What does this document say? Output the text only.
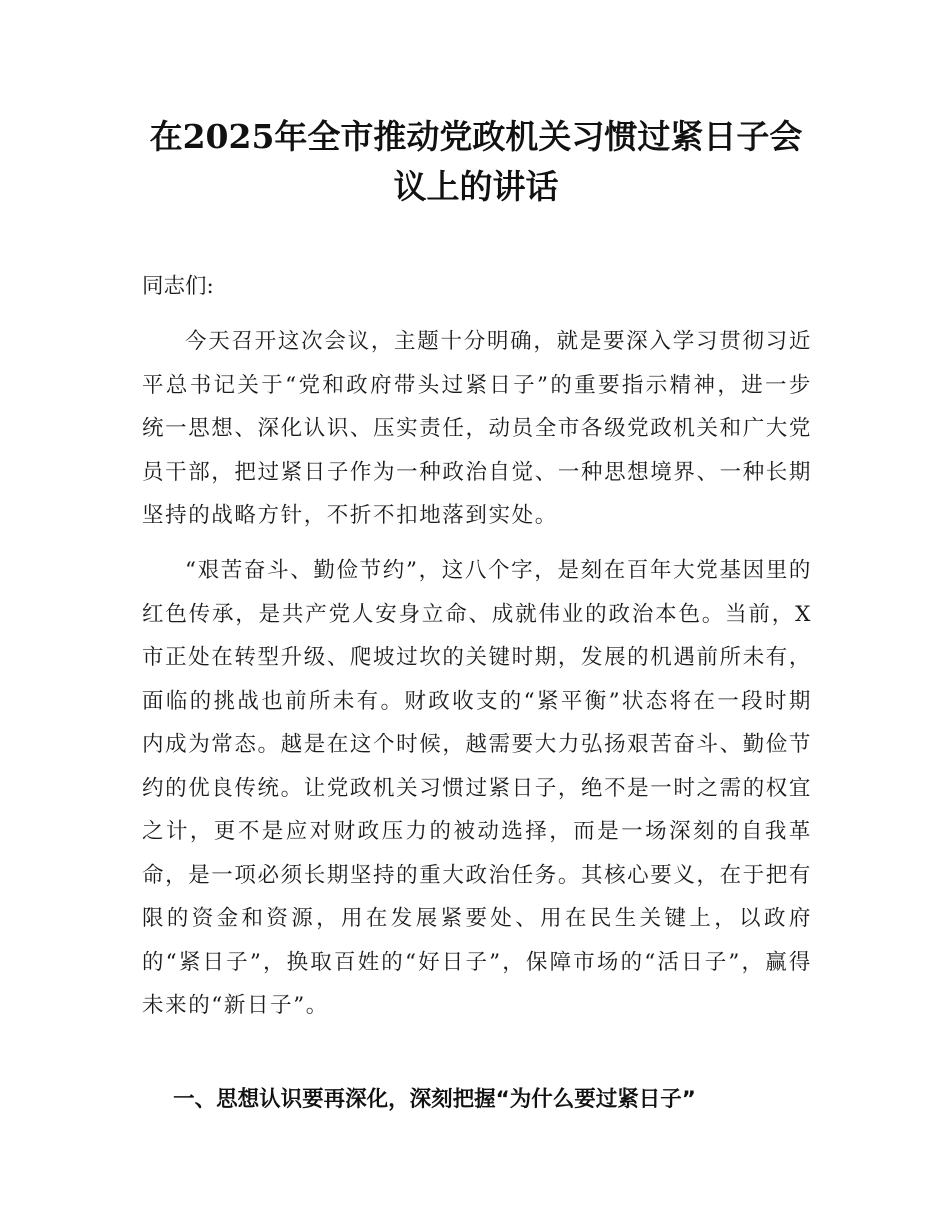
在2025年全市推动党政机关习惯过紧日子会
议上的讲话

同志们:

今天召开这次会议，主题十分明确，就是要深入学习贯彻习近平总书记关于“党和政府带头过紧日子”的重要指示精神，进一步统一思想、深化认识、压实责任，动员全市各级党政机关和广大党员干部，把过紧日子作为一种政治自觉、一种思想境界、一种长期坚持的战略方针，不折不扣地落到实处。

“艰苦奋斗、勤俭节约”，这八个字，是刻在百年大党基因里的红色传承，是共产党人安身立命、成就伟业的政治本色。当前，X市正处在转型升级、爬坡过坎的关键时期，发展的机遇前所未有，面临的挑战也前所未有。财政收支的“紧平衡”状态将在一段时期内成为常态。越是在这个时候，越需要大力弘扬艰苦奋斗、勤俭节约的优良传统。让党政机关习惯过紧日子，绝不是一时之需的权宜之计，更不是应对财政压力的被动选择，而是一场深刻的自我革命，是一项必须长期坚持的重大政治任务。其核心要义，在于把有限的资金和资源，用在发展紧要处、用在民生关键上，以政府的“紧日子”，换取百姓的“好日子”，保障市场的“活日子”，赢得未来的“新日子”。

一、思想认识要再深化，深刻把握“为什么要过紧日子”
